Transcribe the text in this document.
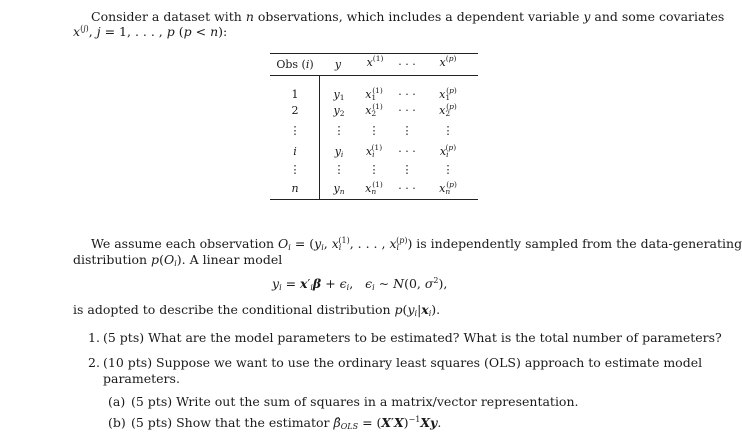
Consider a dataset with n observations, which includes a dependent variable y and some covariates
$x^{(j)}$, j = 1, . . . , p (p < n):
Obs (i)	y	$x^{(1)}$	· · ·	$x^{(p)}$
1	$y_1$	$x_1^{(1)}$	· · ·	$x_1^{(p)}$
2	$y_2$	$x_2^{(1)}$	· · ·	$x_2^{(p)}$
⋮	⋮	⋮	⋮	⋮
i	$y_i$	$x_i^{(1)}$	· · ·	$x_i^{(p)}$
⋮	⋮	⋮	⋮	⋮
n	$y_n$	$x_n^{(1)}$	· · ·	$x_n^{(p)}$
We assume each observation $O_i = (y_i$, $x_i^{(1)}$, . . . , $x_i^{(p)}$) is independently sampled from the data-generating
distribution $p(O_i)$. A linear model
$y_i = x'_i\beta + \epsilon_i$,   $\epsilon_i$ ∼ N(0, $\sigma^2$),
is adopted to describe the conditional distribution $p(y_i|x_i)$.
1. (5 pts) What are the model parameters to be estimated? What is the total number of parameters?
2. (10 pts) Suppose we want to use the ordinary least squares (OLS) approach to estimate model
parameters.
(a) (5 pts) Write out the sum of squares in a matrix/vector representation.
(b) (5 pts) Show that the estimator $\betâ_{OLS} = (X'X)^{-1}Xy$.
